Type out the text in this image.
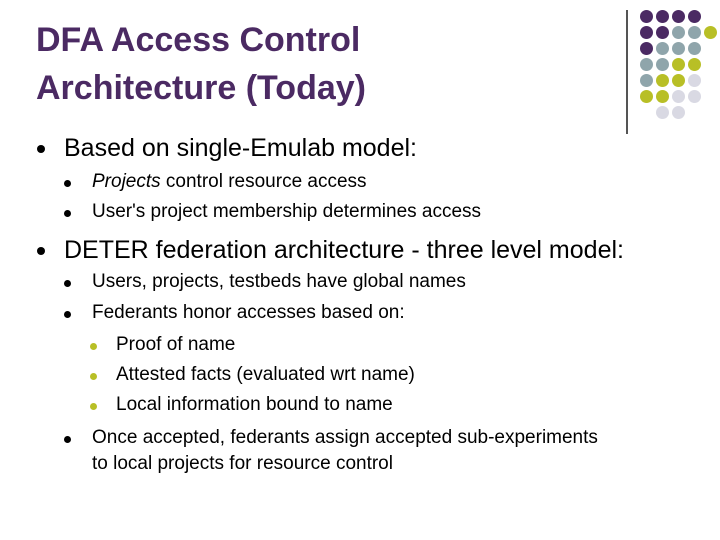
DFA Access Control
Architecture (Today)
Based on single-Emulab model:
Projects control resource access
User's project membership determines access
DETER federation architecture - three level model:
Users, projects, testbeds have global names
Federants honor accesses based on:
Proof of name
Attested facts (evaluated wrt name)
Local information bound to name
Once accepted, federants assign accepted sub-experiments
to local projects for resource control
